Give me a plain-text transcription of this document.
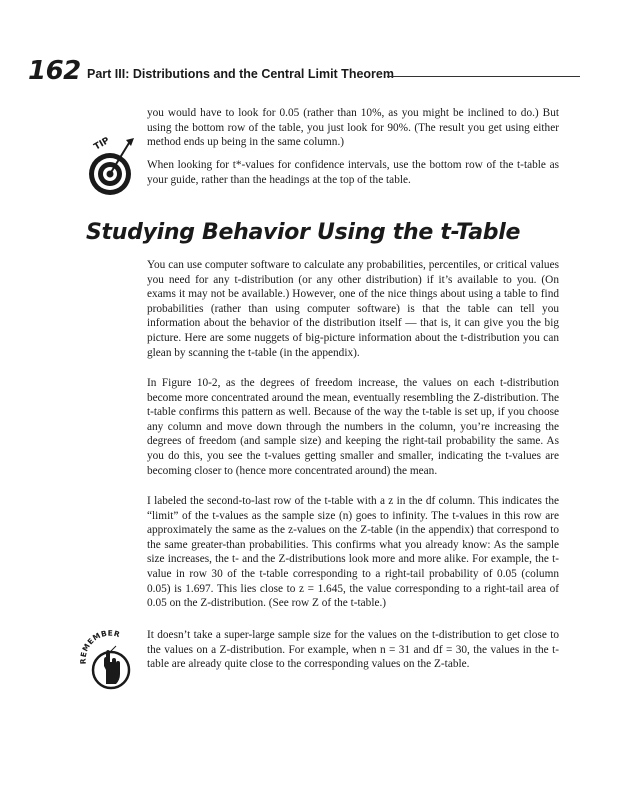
162 Part III: Distributions and the Central Limit Theorem

you would have to look for 0.05 (rather than 10%, as you might be inclined to do.) But using the bottom row of the table, you just look for 90%. (The result you get using either method ends up being in the same column.)

TIP

When looking for t*-values for confidence intervals, use the bottom row of the t-table as your guide, rather than the headings at the top of the table.

Studying Behavior Using the t-Table

You can use computer software to calculate any probabilities, percentiles, or critical values you need for any t-distribution (or any other distribution) if it’s available to you. (On exams it may not be available.) However, one of the nice things about using a table to find probabilities (rather than using computer software) is that the table can tell you information about the behavior of the distribution itself — that is, it can give you the big picture. Here are some nuggets of big-picture information about the t-distribution you can glean by scanning the t-table (in the appendix).

In Figure 10-2, as the degrees of freedom increase, the values on each t-distribution become more concentrated around the mean, eventually resembling the Z-distribution. The t-table confirms this pattern as well. Because of the way the t-table is set up, if you choose any column and move down through the numbers in the column, you’re increasing the degrees of freedom (and sample size) and keeping the right-tail probability the same. As you do this, you see the t-values getting smaller and smaller, indicating the t-values are becoming closer to (hence more concentrated around) the mean.

I labeled the second-to-last row of the t-table with a z in the df column. This indicates the “limit” of the t-values as the sample size (n) goes to infinity. The t-values in this row are approximately the same as the z-values on the Z-table (in the appendix) that correspond to the same greater-than probabilities. This confirms what you already know: As the sample size increases, the t- and the Z-distributions look more and more alike. For example, the t-value in row 30 of the t-table corresponding to a right-tail probability of 0.05 (column 0.05) is 1.697. This lies close to z = 1.645, the value corresponding to a right-tail area of 0.05 on the Z-distribution. (See row Z of the t-table.)

REMEMBER It doesn’t take a super-large sample size for the values on the t-distribution to get close to the values on a Z-distribution. For example, when n = 31 and df = 30, the values in the t-table are already quite close to the corresponding values on the Z-table.
